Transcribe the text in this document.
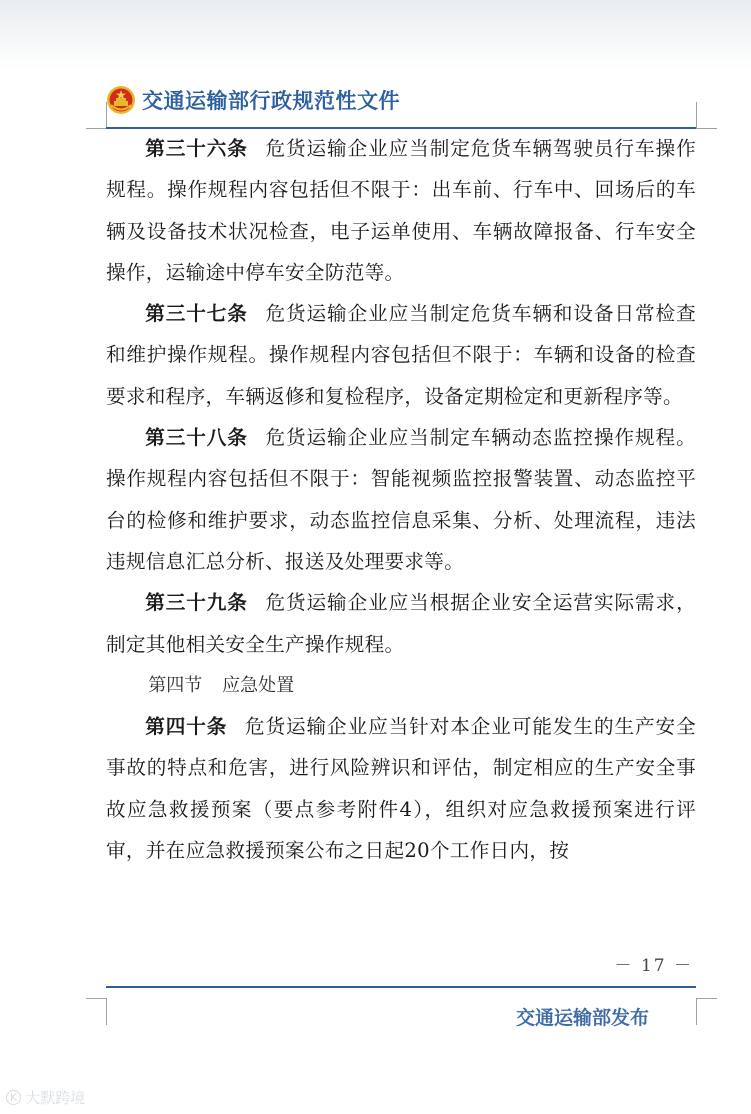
交通运输部行政规范性文件

第三十六条 危货运输企业应当制定危货车辆驾驶员行车操作规程。操作规程内容包括但不限于：出车前、行车中、回场后的车辆及设备技术状况检查，电子运单使用、车辆故障报备、行车安全操作，运输途中停车安全防范等。

第三十七条 危货运输企业应当制定危货车辆和设备日常检查和维护操作规程。操作规程内容包括但不限于：车辆和设备的检查要求和程序，车辆返修和复检程序，设备定期检定和更新程序等。

第三十八条 危货运输企业应当制定车辆动态监控操作规程。操作规程内容包括但不限于：智能视频监控报警装置、动态监控平台的检修和维护要求，动态监控信息采集、分析、处理流程，违法违规信息汇总分析、报送及处理要求等。

第三十九条 危货运输企业应当根据企业安全运营实际需求，制定其他相关安全生产操作规程。

第四节 应急处置

第四十条 危货运输企业应当针对本企业可能发生的生产安全事故的特点和危害，进行风险辨识和评估，制定相应的生产安全事故应急救援预案（要点参考附件4），组织对应急救援预案进行评审，并在应急救援预案公布之日起20个工作日内，按

－ 17 －
交通运输部发布
K 大默跨境
